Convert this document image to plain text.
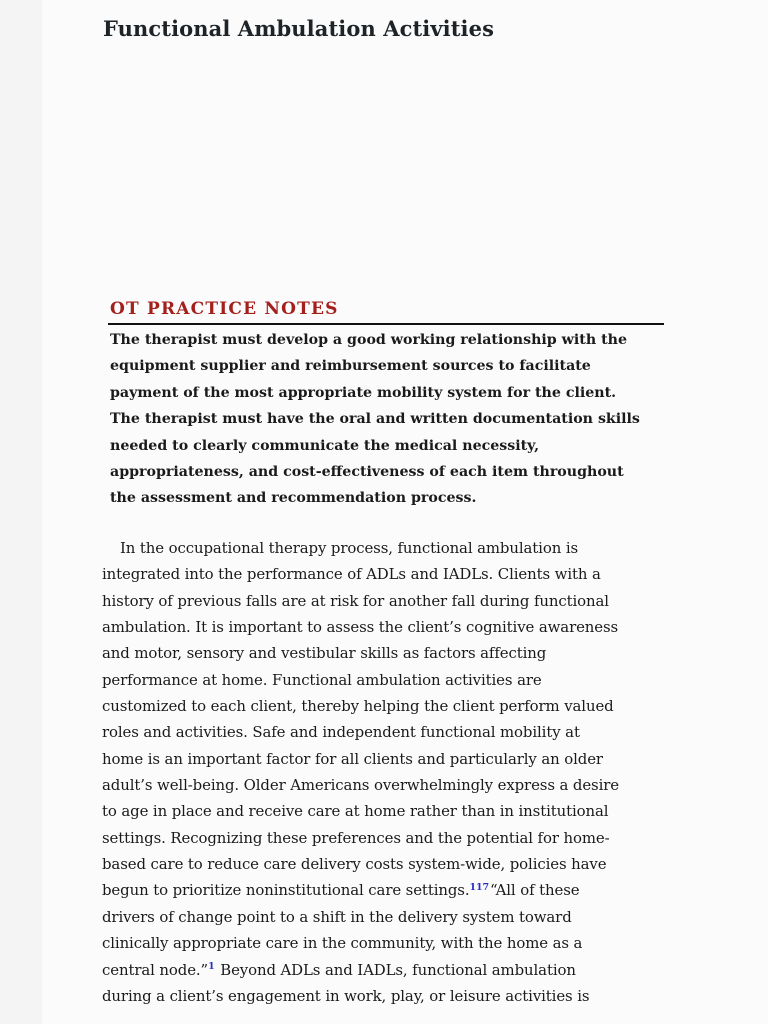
Functional Ambulation Activities
OT PRACTICE NOTES

The therapist must develop a good working relationship with the
equipment supplier and reimbursement sources to facilitate
payment of the most appropriate mobility system for the client.
The therapist must have the oral and written documentation skills
needed to clearly communicate the medical necessity,
appropriateness, and cost-effectiveness of each item throughout
the assessment and recommendation process.

In the occupational therapy process, functional ambulation is
integrated into the performance of ADLs and IADLs. Clients with a
history of previous falls are at risk for another fall during functional
ambulation. It is important to assess the client’s cognitive awareness
and motor, sensory and vestibular skills as factors affecting
performance at home. Functional ambulation activities are
customized to each client, thereby helping the client perform valued
roles and activities. Safe and independent functional mobility at
home is an important factor for all clients and particularly an older
adult’s well-being. Older Americans overwhelmingly express a desire
to age in place and receive care at home rather than in institutional
settings. Recognizing these preferences and the potential for home-
based care to reduce care delivery costs system-wide, policies have
begun to prioritize noninstitutional care settings.$^{117}$“All of these
drivers of change point to a shift in the delivery system toward
clinically appropriate care in the community, with the home as a
central node.”$^1$ Beyond ADLs and IADLs, functional ambulation
during a client’s engagement in work, play, or leisure activities is
